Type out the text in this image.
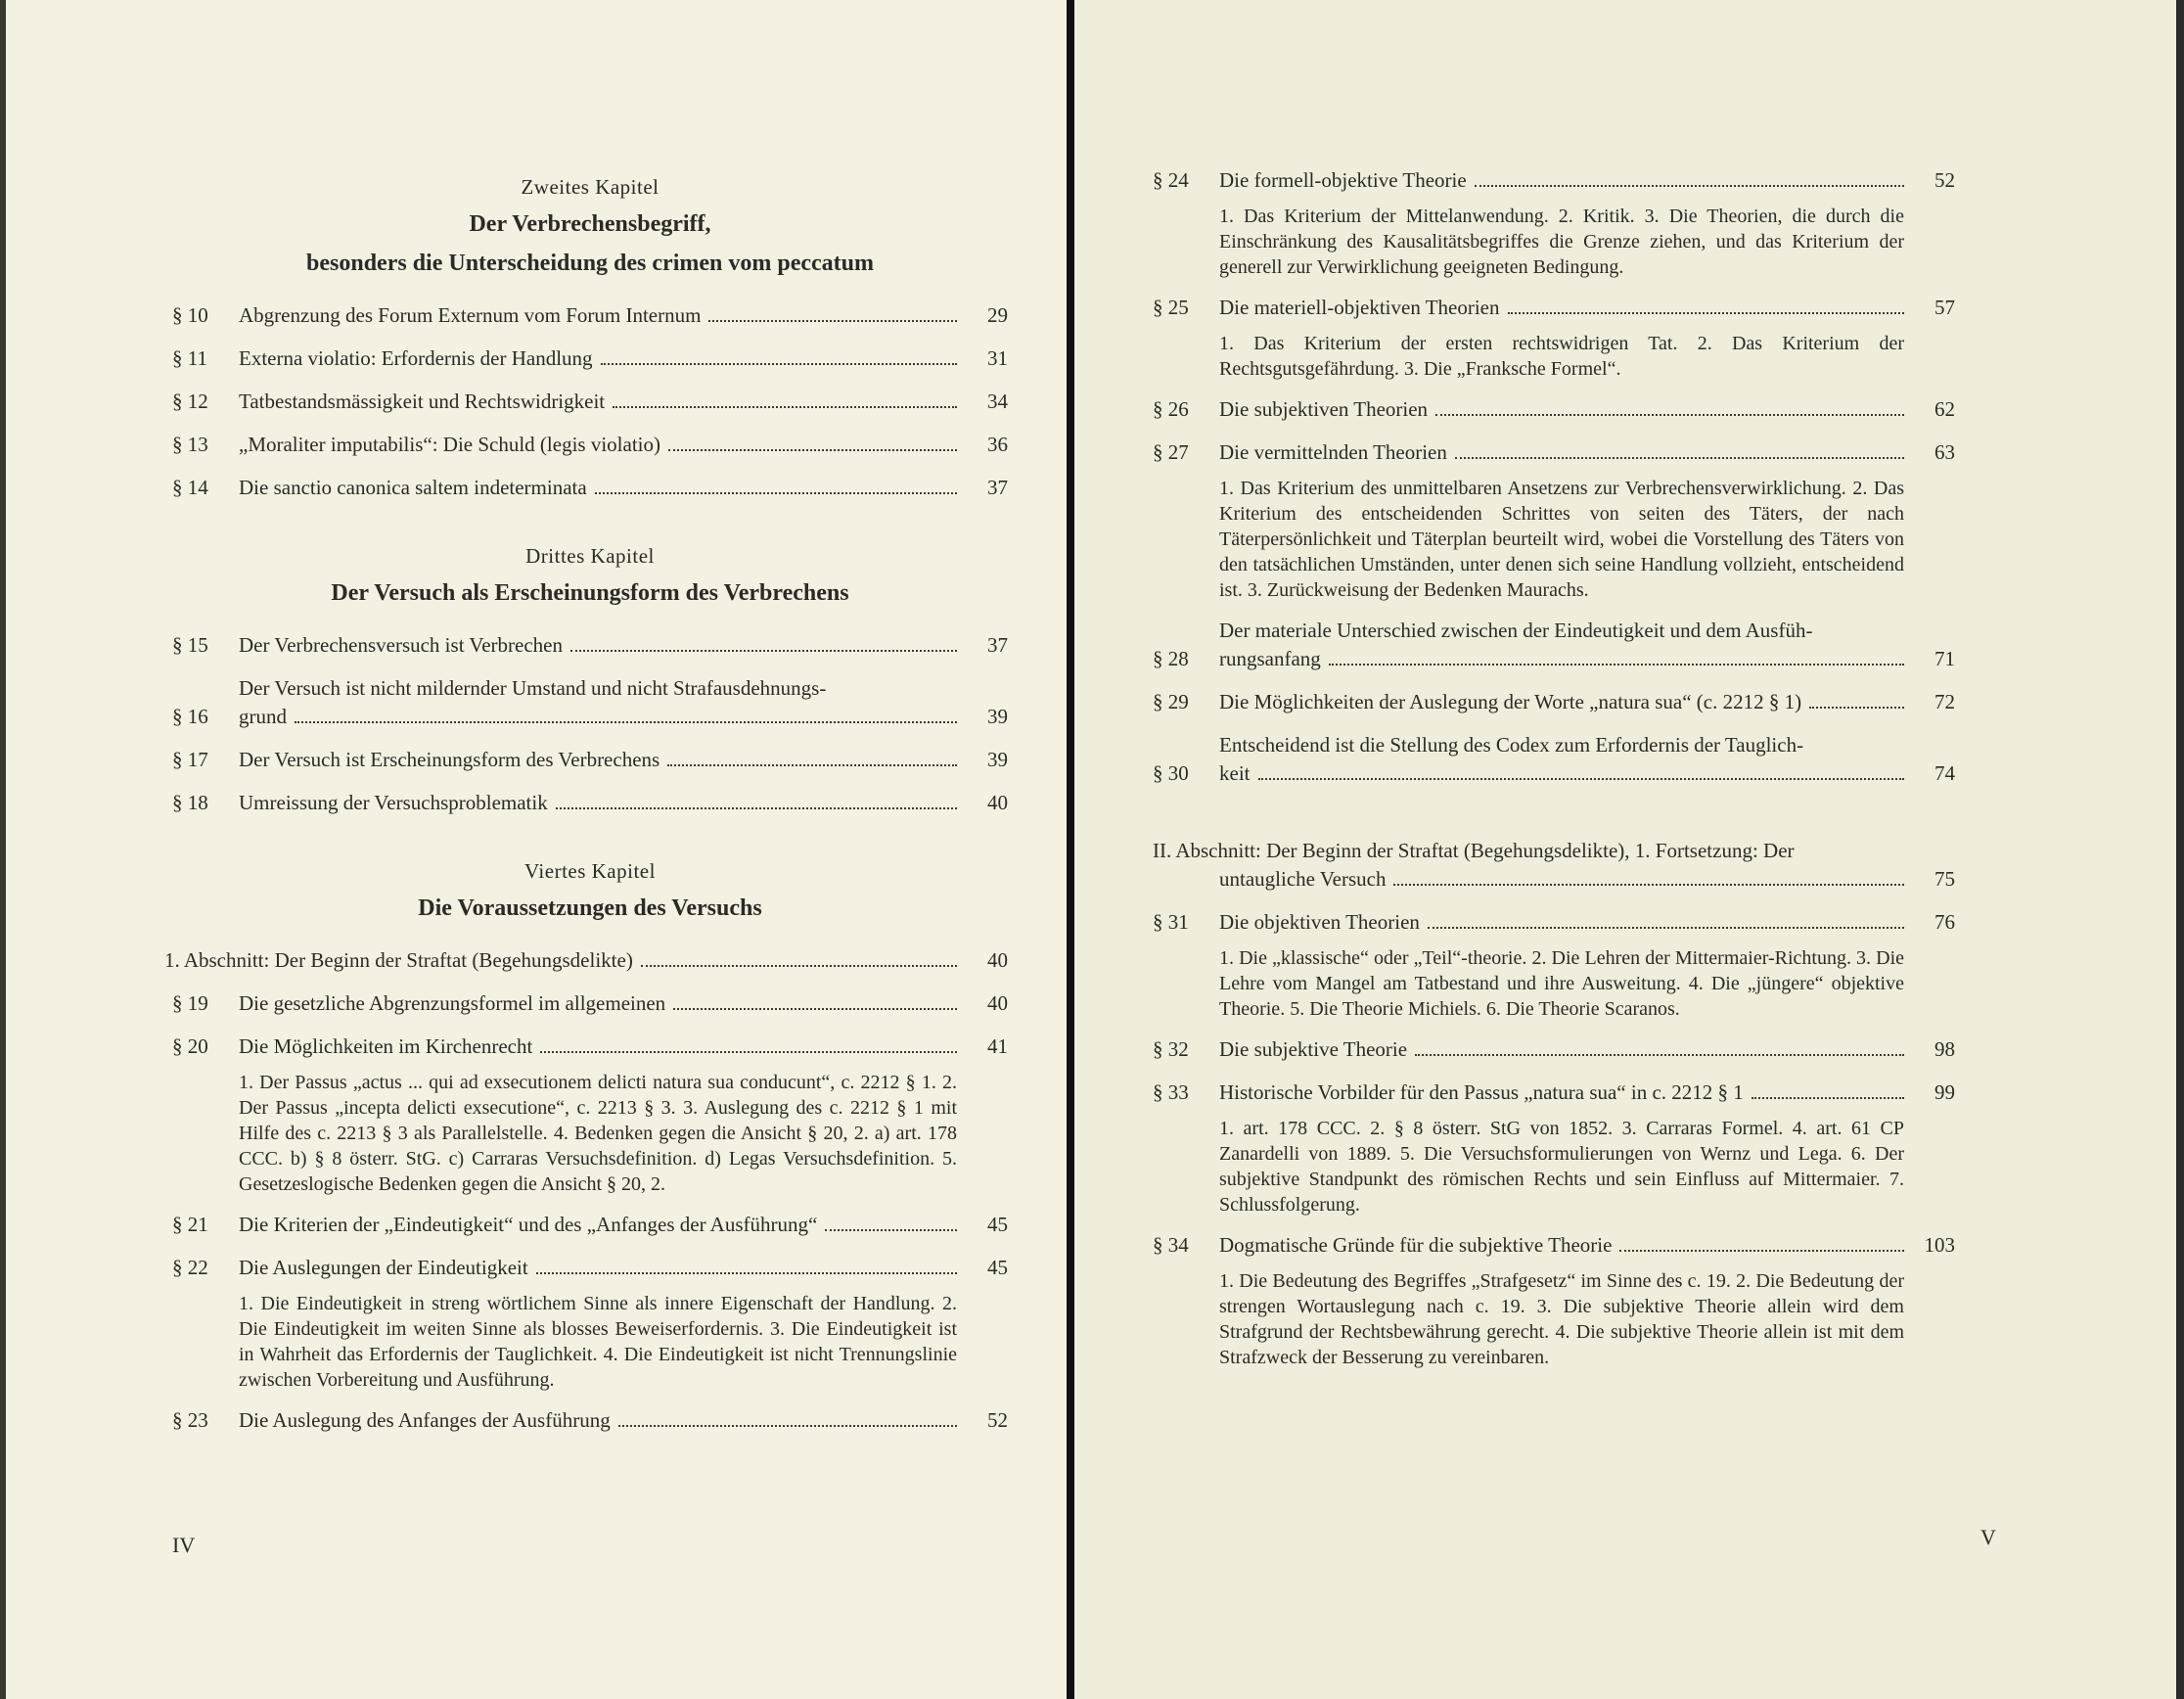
Zweites Kapitel
Der Verbrechensbegriff,
besonders die Unterscheidung des crimen vom peccatum
§ 10	Abgrenzung des Forum Externum vom Forum Internum	29
§ 11	Externa violatio: Erfordernis der Handlung	31
§ 12	Tatbestandsmässigkeit und Rechtswidrigkeit	34
§ 13	„Moraliter imputabilis“: Die Schuld (legis violatio)	36
§ 14	Die sanctio canonica saltem indeterminata	37
Drittes Kapitel
Der Versuch als Erscheinungsform des Verbrechens
§ 15	Der Verbrechensversuch ist Verbrechen	37
§ 16
Der Versuch ist nicht mildernder Umstand und nicht Strafausdehnungs-
grund	39
§ 17	Der Versuch ist Erscheinungsform des Verbrechens	39
§ 18	Umreissung der Versuchsproblematik	40
Viertes Kapitel
Die Voraussetzungen des Versuchs
1. Abschnitt: Der Beginn der Straftat (Begehungsdelikte)	40
§ 19	Die gesetzliche Abgrenzungsformel im allgemeinen	40
§ 20	Die Möglichkeiten im Kirchenrecht	41
1. Der Passus „actus ... qui ad exsecutionem delicti natura sua conducunt“, c. 2212 § 1. 2. Der Passus „incepta delicti exsecutione“, c. 2213 § 3. 3. Auslegung des c. 2212 § 1 mit Hilfe des c. 2213 § 3 als Parallelstelle. 4. Bedenken gegen die Ansicht § 20, 2. a) art. 178 CCC. b) § 8 österr. StG. c) Carraras Versuchsdefinition. d) Legas Versuchsdefinition. 5. Gesetzeslogische Bedenken gegen die Ansicht § 20, 2.
§ 21	Die Kriterien der „Eindeutigkeit“ und des „Anfanges der Ausführung“	45
§ 22	Die Auslegungen der Eindeutigkeit	45
1. Die Eindeutigkeit in streng wörtlichem Sinne als innere Eigenschaft der Handlung. 2. Die Eindeutigkeit im weiten Sinne als blosses Beweiserfordernis. 3. Die Eindeutigkeit ist in Wahrheit das Erfordernis der Tauglichkeit. 4. Die Eindeutigkeit ist nicht Trennungslinie zwischen Vorbereitung und Ausführung.
§ 23	Die Auslegung des Anfanges der Ausführung	52
IV
§ 24	Die formell-objektive Theorie	52
1. Das Kriterium der Mittelanwendung. 2. Kritik. 3. Die Theorien, die durch die Einschränkung des Kausalitätsbegriffes die Grenze ziehen, und das Kriterium der generell zur Verwirklichung geeigneten Bedingung.
§ 25	Die materiell-objektiven Theorien	57
1. Das Kriterium der ersten rechtswidrigen Tat. 2. Das Kriterium der Rechtsgutsgefährdung. 3. Die „Franksche Formel“.
§ 26	Die subjektiven Theorien	62
§ 27	Die vermittelnden Theorien	63
1. Das Kriterium des unmittelbaren Ansetzens zur Verbrechensverwirklichung. 2. Das Kriterium des entscheidenden Schrittes von seiten des Täters, der nach Täterpersönlichkeit und Täterplan beurteilt wird, wobei die Vorstellung des Täters von den tatsächlichen Umständen, unter denen sich seine Handlung vollzieht, entscheidend ist. 3. Zurückweisung der Bedenken Maurachs.
§ 28
Der materiale Unterschied zwischen der Eindeutigkeit und dem Ausfüh-
rungsanfang	71
§ 29	Die Möglichkeiten der Auslegung der Worte „natura sua“ (c. 2212 § 1)	72
§ 30
Entscheidend ist die Stellung des Codex zum Erfordernis der Tauglich-
keit	74
II. Abschnitt: Der Beginn der Straftat (Begehungsdelikte), 1. Fortsetzung: Der
untaugliche Versuch	75
§ 31	Die objektiven Theorien	76
1. Die „klassische“ oder „Teil“-theorie. 2. Die Lehren der Mittermaier-Richtung. 3. Die Lehre vom Mangel am Tatbestand und ihre Ausweitung. 4. Die „jüngere“ objektive Theorie. 5. Die Theorie Michiels. 6. Die Theorie Scaranos.
§ 32	Die subjektive Theorie	98
§ 33	Historische Vorbilder für den Passus „natura sua“ in c. 2212 § 1	99
1. art. 178 CCC. 2. § 8 österr. StG von 1852. 3. Carraras Formel. 4. art. 61 CP Zanardelli von 1889. 5. Die Versuchsformulierungen von Wernz und Lega. 6. Der subjektive Standpunkt des römischen Rechts und sein Einfluss auf Mittermaier. 7. Schlussfolgerung.
§ 34	Dogmatische Gründe für die subjektive Theorie	103
1. Die Bedeutung des Begriffes „Strafgesetz“ im Sinne des c. 19. 2. Die Bedeutung der strengen Wortauslegung nach c. 19. 3. Die subjektive Theorie allein wird dem Strafgrund der Rechtsbewährung gerecht. 4. Die subjektive Theorie allein ist mit dem Strafzweck der Besserung zu vereinbaren.
V
